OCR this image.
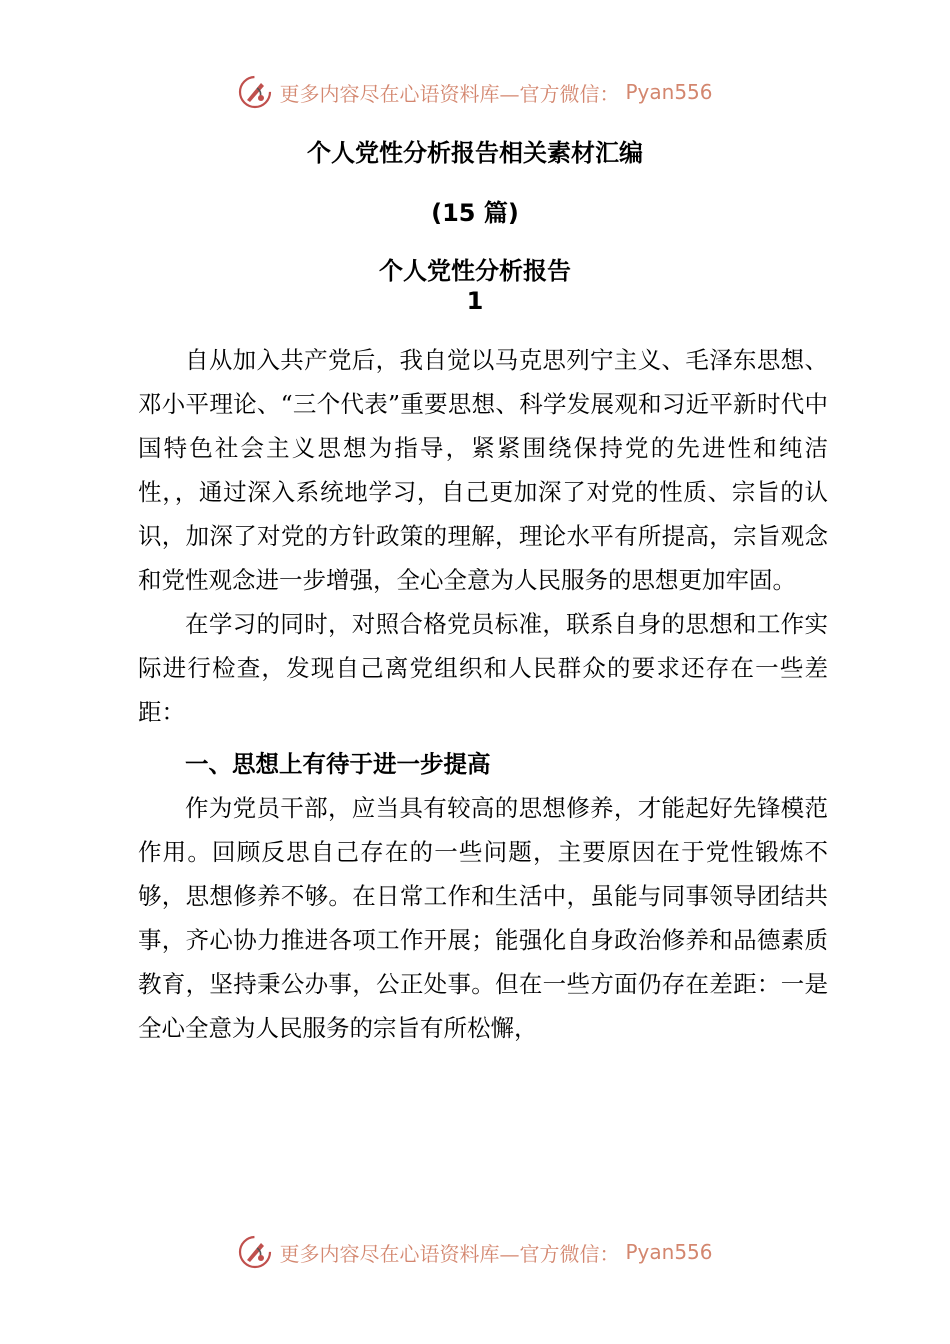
更多内容尽在心语资料库—官方微信： Pyan556
个人党性分析报告相关素材汇编
(15 篇)
个人党性分析报告
1

自从加入共产党后，我自觉以马克思列宁主义、毛泽东思想、邓小平理论、“三个代表”重要思想、科学发展观和习近平新时代中国特色社会主义思想为指导，紧紧围绕保持党的先进性和纯洁性，，通过深入系统地学习，自己更加深了对党的性质、宗旨的认识，加深了对党的方针政策的理解，理论水平有所提高，宗旨观念和党性观念进一步增强，全心全意为人民服务的思想更加牢固。

在学习的同时，对照合格党员标准，联系自身的思想和工作实际进行检查，发现自己离党组织和人民群众的要求还存在一些差距：

一、思想上有待于进一步提高

作为党员干部，应当具有较高的思想修养，才能起好先锋模范作用。回顾反思自己存在的一些问题，主要原因在于党性锻炼不够，思想修养不够。在日常工作和生活中，虽能与同事领导团结共事，齐心协力推进各项工作开展；能强化自身政治修养和品德素质教育，坚持秉公办事，公正处事。但在一些方面仍存在差距：一是全心全意为人民服务的宗旨有所松懈，

更多内容尽在心语资料库—官方微信： Pyan556
